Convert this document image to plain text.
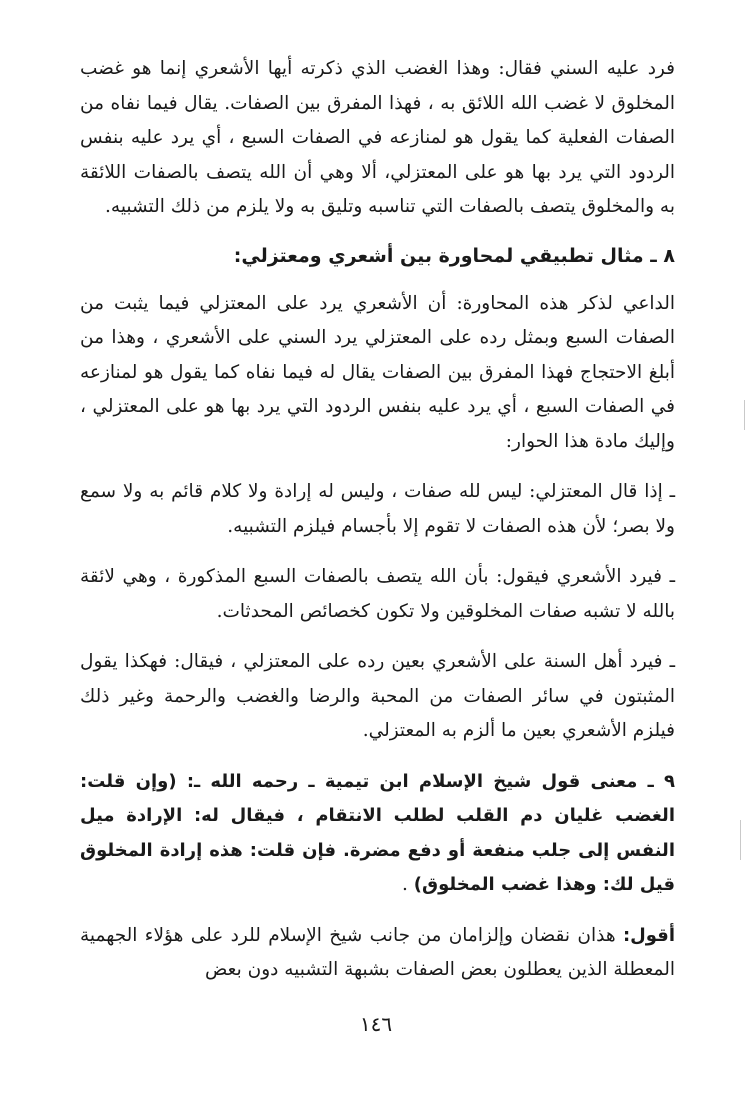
فرد عليه السني فقال: وهذا الغضب الذي ذكرته أيها الأشعري إنما هو غضب المخلوق لا غضب الله اللائق به ، فهذا المفرق بين الصفات. يقال فيما نفاه من الصفات الفعلية كما يقول هو لمنازعه في الصفات السبع ، أي يرد عليه بنفس الردود التي يرد بها هو على المعتزلي، ألا وهي أن الله يتصف بالصفات اللائقة به والمخلوق يتصف بالصفات التي تناسبه وتليق به ولا يلزم من ذلك التشبيه.

٨ ـ مثال تطبيقي لمحاورة بين أشعري ومعتزلي:

الداعي لذكر هذه المحاورة: أن الأشعري يرد على المعتزلي فيما يثبت من الصفات السبع وبمثل رده على المعتزلي يرد السني على الأشعري ، وهذا من أبلغ الاحتجاج فهذا المفرق بين الصفات يقال له فيما نفاه كما يقول هو لمنازعه في الصفات السبع ، أي يرد عليه بنفس الردود التي يرد بها هو على المعتزلي ، وإليك مادة هذا الحوار:

ـ إذا قال المعتزلي: ليس لله صفات ، وليس له إرادة ولا كلام قائم به ولا سمع ولا بصر؛ لأن هذه الصفات لا تقوم إلا بأجسام فيلزم التشبيه.

ـ فيرد الأشعري فيقول: بأن الله يتصف بالصفات السبع المذكورة ، وهي لائقة بالله لا تشبه صفات المخلوقين ولا تكون كخصائص المحدثات.

ـ فيرد أهل السنة على الأشعري بعين رده على المعتزلي ، فيقال: فهكذا يقول المثبتون في سائر الصفات من المحبة والرضا والغضب والرحمة وغير ذلك فيلزم الأشعري بعين ما ألزم به المعتزلي.

٩ ـ معنى قول شيخ الإسلام ابن تيمية ـ رحمه الله ـ: (وإن قلت: الغضب غليان دم القلب لطلب الانتقام ، فيقال له: الإرادة ميل النفس إلى جلب منفعة أو دفع مضرة. فإن قلت: هذه إرادة المخلوق قيل لك: وهذا غضب المخلوق) .

أقول: هذان نقضان وإلزامان من جانب شيخ الإسلام للرد على هؤلاء الجهمية المعطلة الذين يعطلون بعض الصفات بشبهة التشبيه دون بعض

١٤٦
